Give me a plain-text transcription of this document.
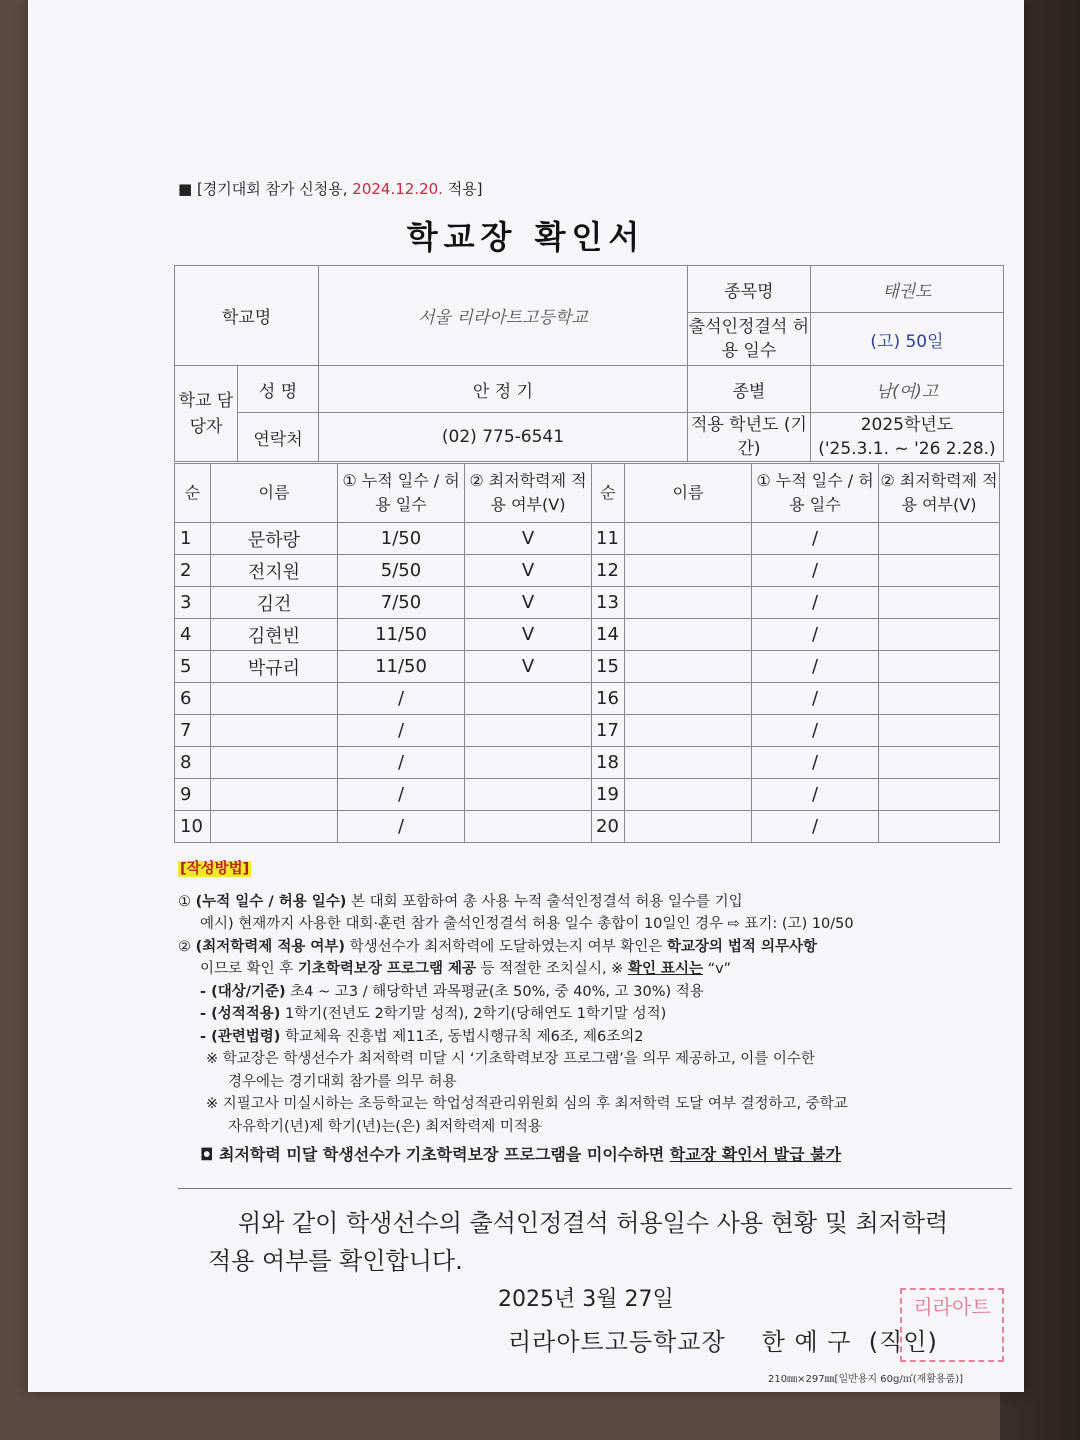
■ [경기대회 참가 신청용, 2024.12.20. 적용]
학교장 확인서
학교명		서울 리라아트고등학교	종목명	태권도
			출석인정결석 허용 일수	(고) 50일
학교 담당자	성 명	안 정 기	종별	남(여)고
	연락처	(02) 775-6541	적용 학년도 (기간)	2025학년도
('25.3.1. ~ '26 2.28.)
순	이름	① 누적 일수 / 허용 일수	② 최저학력제 적용 여부(V)	순	이름	① 누적 일수 / 허용 일수	② 최저학력제 적용 여부(V)
1	문하랑	1/50	V	11		/	
2	전지원	5/50	V	12		/	
3	김건	7/50	V	13		/	
4	김현빈	11/50	V	14		/	
5	박규리	11/50	V	15		/	
6		/		16		/	
7		/		17		/	
8		/		18		/	
9		/		19		/	
10		/		20		/	
[작성방법]
① (누적 일수 / 허용 일수) 본 대회 포함하여 총 사용 누적 출석인정결석 허용 일수를 기입
예시) 현재까지 사용한 대회·훈련 참가 출석인정결석 허용 일수 총합이 10일인 경우 ⇨ 표기: (고) 10/50
② (최저학력제 적용 여부) 학생선수가 최저학력에 도달하였는지 여부 확인은 학교장의 법적 의무사항
이므로 확인 후 기초학력보장 프로그램 제공 등 적절한 조치실시, ※ 확인 표시는 “v”
- (대상/기준) 초4 ~ 고3 / 해당학년 과목평균(초 50%, 중 40%, 고 30%) 적용
- (성적적용) 1학기(전년도 2학기말 성적), 2학기(당해연도 1학기말 성적)
- (관련법령) 학교체육 진흥법 제11조, 동법시행규칙 제6조, 제6조의2
※ 학교장은 학생선수가 최저학력 미달 시 ‘기초학력보장 프로그램’을 의무 제공하고, 이를 이수한
경우에는 경기대회 참가를 의무 허용
※ 지필고사 미실시하는 초등학교는 학업성적관리위원회 심의 후 최저학력 도달 여부 결정하고, 중학교
자유학기(년)제 학기(년)는(은) 최저학력제 미적용
◘ 최저학력 미달 학생선수가 기초학력보장 프로그램을 미이수하면 학교장 확인서 발급 불가
위와 같이 학생선수의 출석인정결석 허용일수 사용 현황 및 최저학력
적용 여부를 확인합니다.
2025년 3월 27일	리라아트
리라아트고등학교장 한 예 구 (직인)
210㎜×297㎜[일반용지 60g/㎡(재활용품)]
